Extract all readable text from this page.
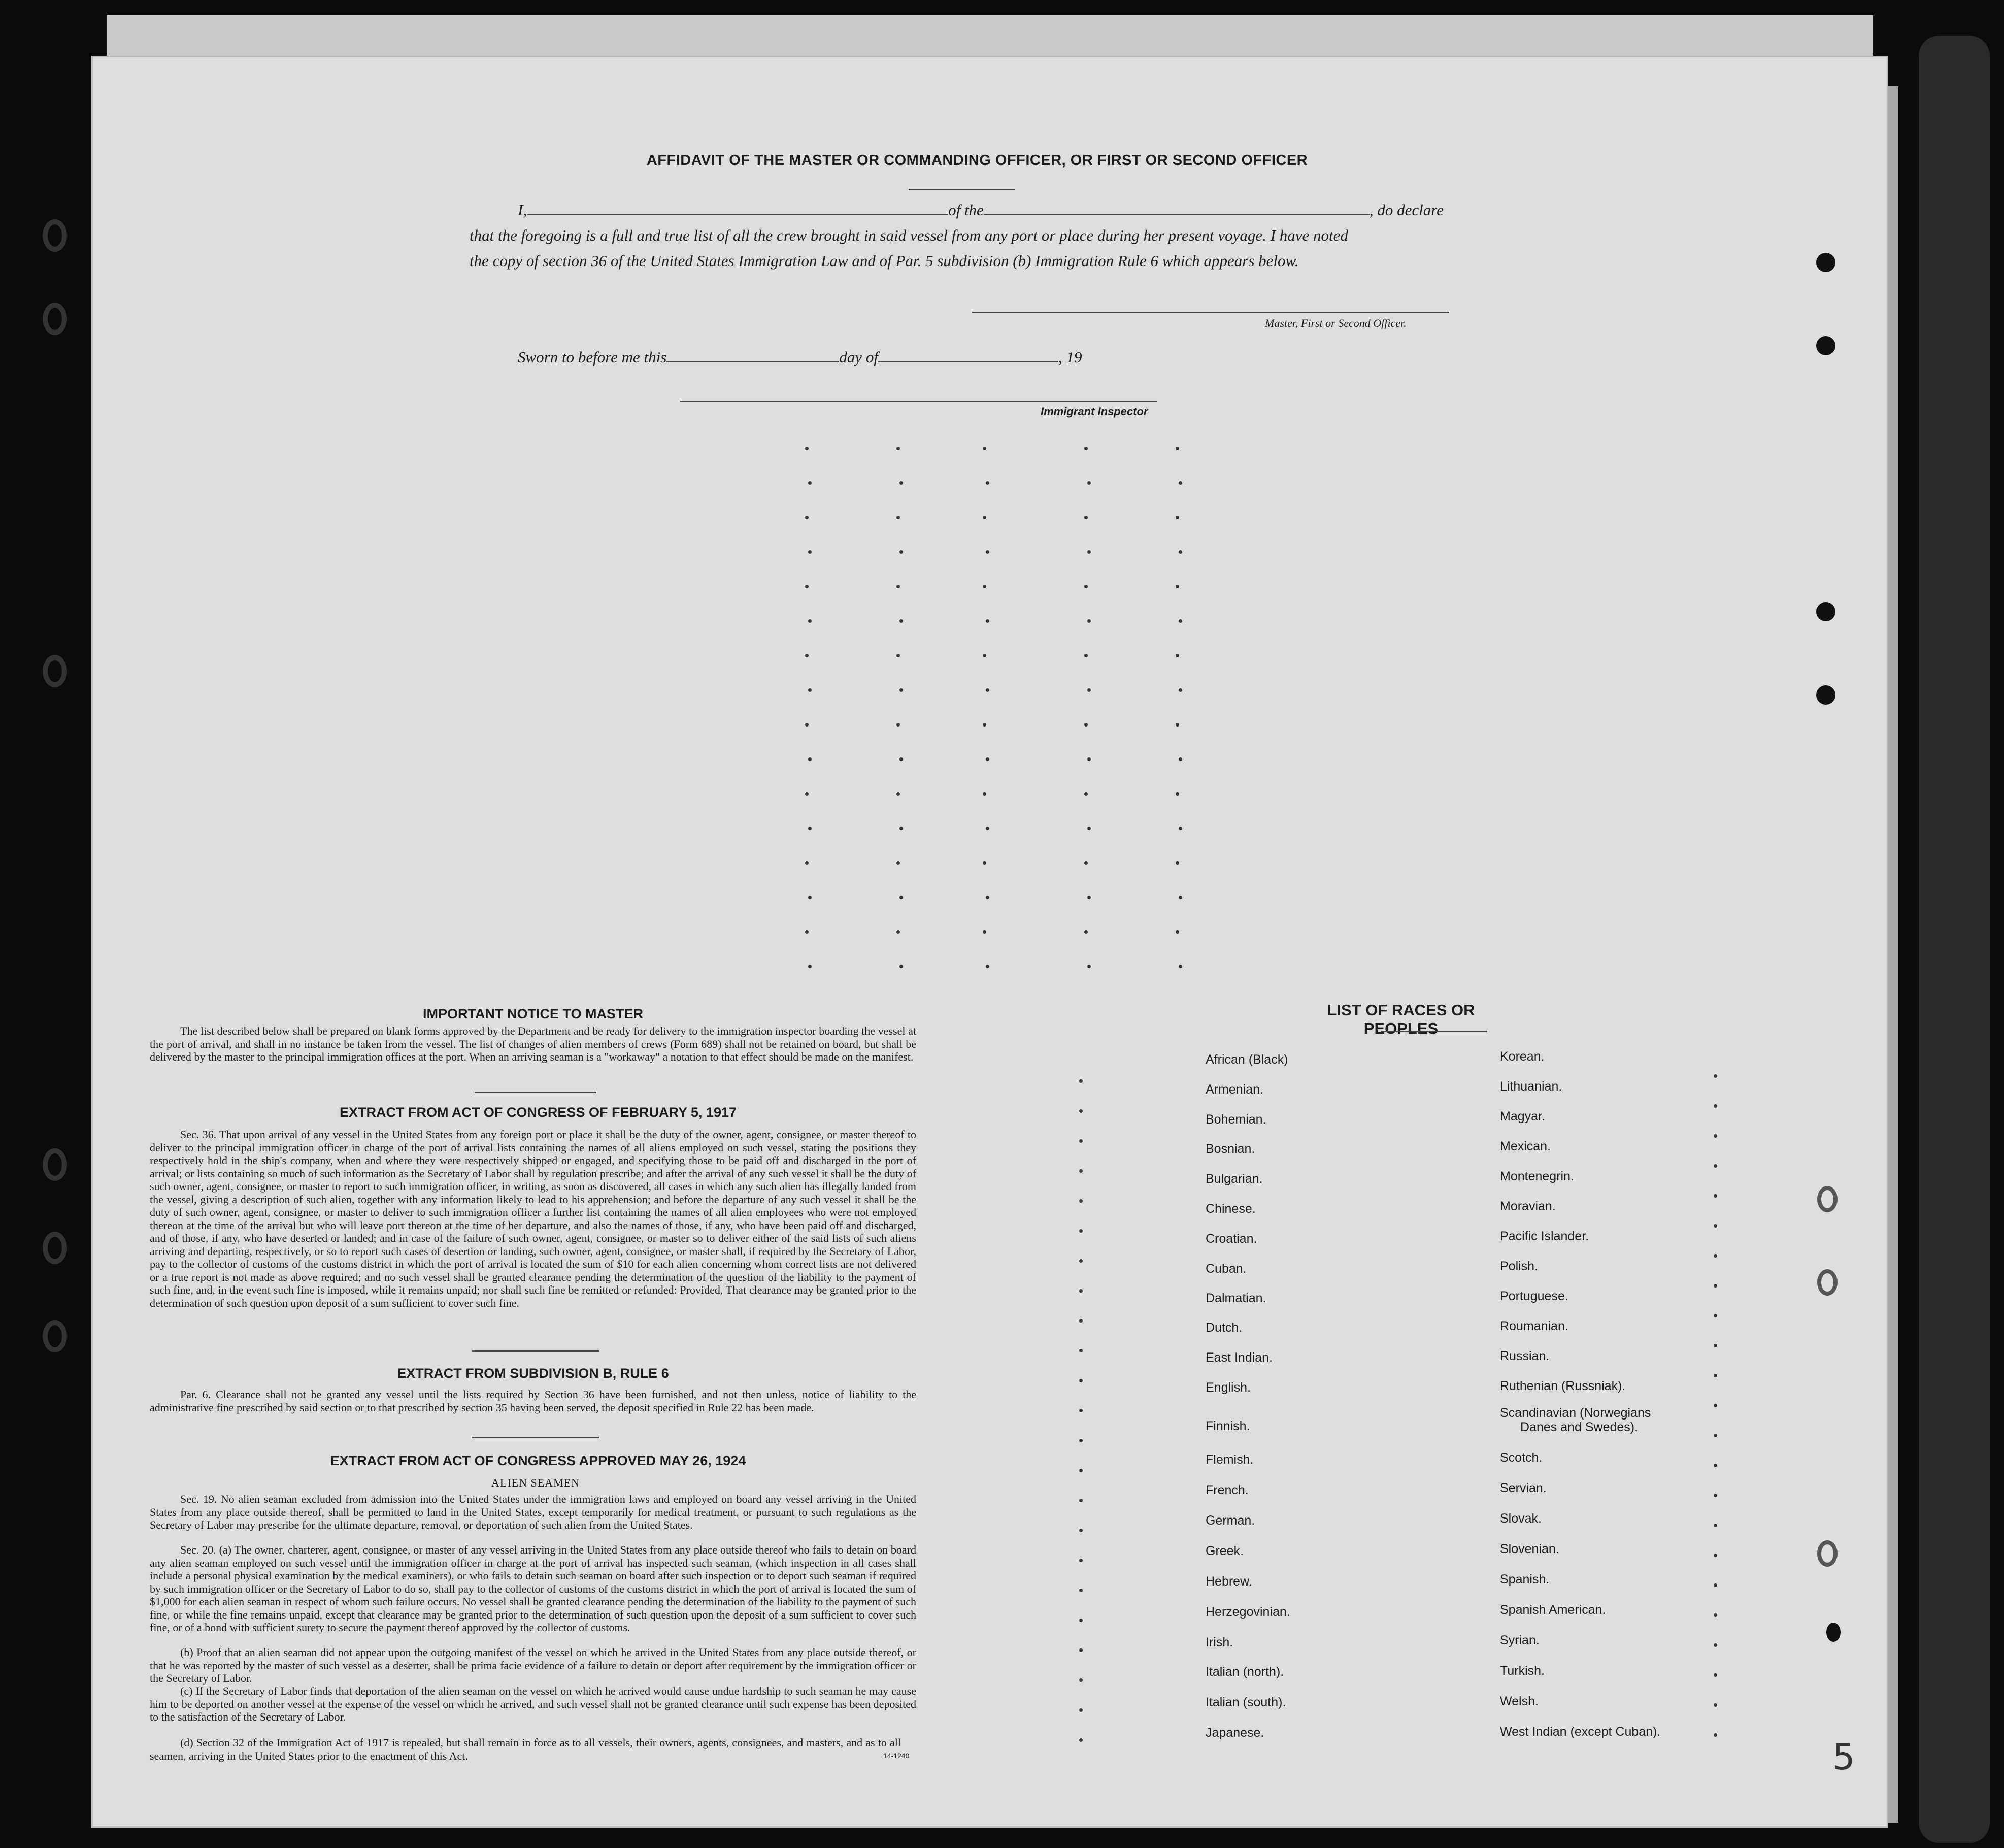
AFFIDAVIT OF THE MASTER OR COMMANDING OFFICER, OR FIRST OR SECOND OFFICER
I,	of the	, do declare
that the foregoing is a full and true list of all the crew brought in said vessel from any port or place during her present voyage. I have noted
the copy of section 36 of the United States Immigration Law and of Par. 5 subdivision (b) Immigration Rule 6 which appears below.
Master, First or Second Officer.
Sworn to before me this	day of	, 19
Immigrant Inspector
IMPORTANT NOTICE TO MASTER
The list described below shall be prepared on blank forms approved by the Department and be ready for delivery to the immigration inspector boarding the vessel at the port of arrival, and shall in no instance be taken from the vessel. The list of changes of alien members of crews (Form 689) shall not be retained on board, but shall be delivered by the master to the principal immigration offices at the port. When an arriving seaman is a "workaway" a notation to that effect should be made on the manifest.
EXTRACT FROM ACT OF CONGRESS OF FEBRUARY 5, 1917
Sec. 36. That upon arrival of any vessel in the United States from any foreign port or place it shall be the duty of the owner, agent, consignee, or master thereof to deliver to the principal immigration officer in charge of the port of arrival lists containing the names of all aliens employed on such vessel, stating the positions they respectively hold in the ship's company, when and where they were respectively shipped or engaged, and specifying those to be paid off and discharged in the port of arrival; or lists containing so much of such information as the Secretary of Labor shall by regulation prescribe; and after the arrival of any such vessel it shall be the duty of such owner, agent, consignee, or master to report to such immigration officer, in writing, as soon as discovered, all cases in which any such alien has illegally landed from the vessel, giving a description of such alien, together with any information likely to lead to his apprehension; and before the departure of any such vessel it shall be the duty of such owner, agent, consignee, or master to deliver to such immigration officer a further list containing the names of all alien employees who were not employed thereon at the time of the arrival but who will leave port thereon at the time of her departure, and also the names of those, if any, who have been paid off and discharged, and of those, if any, who have deserted or landed; and in case of the failure of such owner, agent, consignee, or master so to deliver either of the said lists of such aliens arriving and departing, respectively, or so to report such cases of desertion or landing, such owner, agent, consignee, or master shall, if required by the Secretary of Labor, pay to the collector of customs of the customs district in which the port of arrival is located the sum of $10 for each alien concerning whom correct lists are not delivered or a true report is not made as above required; and no such vessel shall be granted clearance pending the determination of the question of the liability to the payment of such fine, and, in the event such fine is imposed, while it remains unpaid; nor shall such fine be remitted or refunded: Provided, That clearance may be granted prior to the determination of such question upon deposit of a sum sufficient to cover such fine.
EXTRACT FROM SUBDIVISION B, RULE 6
Par. 6. Clearance shall not be granted any vessel until the lists required by Section 36 have been furnished, and not then unless, notice of liability to the administrative fine prescribed by said section or to that prescribed by section 35 having been served, the deposit specified in Rule 22 has been made.
EXTRACT FROM ACT OF CONGRESS APPROVED MAY 26, 1924
ALIEN SEAMEN
Sec. 19. No alien seaman excluded from admission into the United States under the immigration laws and employed on board any vessel arriving in the United States from any place outside thereof, shall be permitted to land in the United States, except temporarily for medical treatment, or pursuant to such regulations as the Secretary of Labor may prescribe for the ultimate departure, removal, or deportation of such alien from the United States.
Sec. 20. (a) The owner, charterer, agent, consignee, or master of any vessel arriving in the United States from any place outside thereof who fails to detain on board any alien seaman employed on such vessel until the immigration officer in charge at the port of arrival has inspected such seaman, (which inspection in all cases shall include a personal physical examination by the medical examiners), or who fails to detain such seaman on board after such inspection or to deport such seaman if required by such immigration officer or the Secretary of Labor to do so, shall pay to the collector of customs of the customs district in which the port of arrival is located the sum of $1,000 for each alien seaman in respect of whom such failure occurs. No vessel shall be granted clearance pending the determination of the liability to the payment of such fine, or while the fine remains unpaid, except that clearance may be granted prior to the determination of such question upon the deposit of a sum sufficient to cover such fine, or of a bond with sufficient surety to secure the payment thereof approved by the collector of customs.
(b) Proof that an alien seaman did not appear upon the outgoing manifest of the vessel on which he arrived in the United States from any place outside thereof, or that he was reported by the master of such vessel as a deserter, shall be prima facie evidence of a failure to detain or deport after requirement by the immigration officer or the Secretary of Labor.
(c) If the Secretary of Labor finds that deportation of the alien seaman on the vessel on which he arrived would cause undue hardship to such seaman he may cause him to be deported on another vessel at the expense of the vessel on which he arrived, and such vessel shall not be granted clearance until such expense has been deposited to the satisfaction of the Secretary of Labor.
(d) Section 32 of the Immigration Act of 1917 is repealed, but shall remain in force as to all vessels, their owners, agents, consignees, and masters, and as to all seamen, arriving in the United States prior to the enactment of this Act.	14-1240
LIST OF RACES OR PEOPLES
African (Black)
Armenian.
Bohemian.
Bosnian.
Bulgarian.
Chinese.
Croatian.
Cuban.
Dalmatian.
Dutch.
East Indian.
English.
Finnish.
Flemish.
French.
German.
Greek.
Hebrew.
Herzegovinian.
Irish.
Italian (north).
Italian (south).
Japanese.
Korean.
Lithuanian.
Magyar.
Mexican.
Montenegrin.
Moravian.
Pacific Islander.
Polish.
Portuguese.
Roumanian.
Russian.
Ruthenian (Russniak).
Scandinavian (Norwegians
Danes and Swedes).
Scotch.
Servian.
Slovak.
Slovenian.
Spanish.
Spanish American.
Syrian.
Turkish.
Welsh.
West Indian (except Cuban).
5
